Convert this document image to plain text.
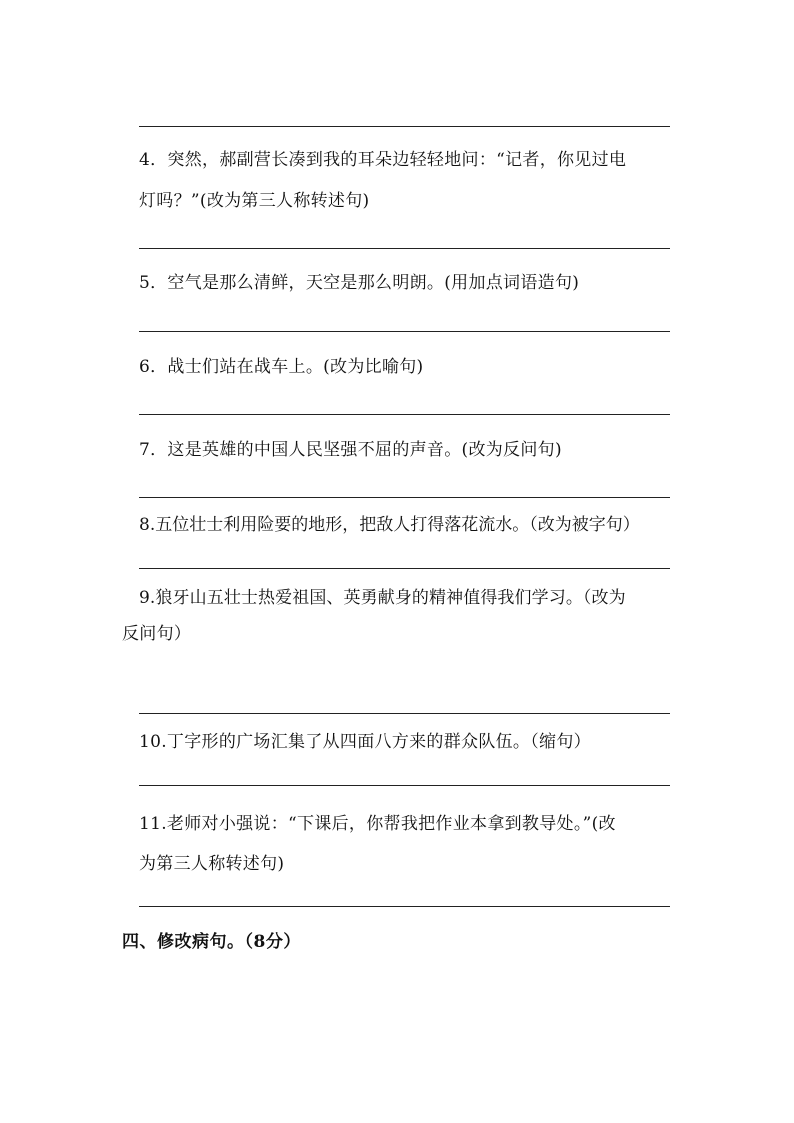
4．突然，郝副营长凑到我的耳朵边轻轻地问：“记者，你见过电
灯吗？”(改为第三人称转述句)
5．空气是那么清鲜，天空是那么明朗。(用加点词语造句)
6．战士们站在战车上。(改为比喻句)
7．这是英雄的中国人民坚强不屈的声音。(改为反问句)
8.五位壮士利用险要的地形，把敌人打得落花流水。（改为被字句）
9.狼牙山五壮士热爱祖国、英勇献身的精神值得我们学习。（改为
反问句）
10.丁字形的广场汇集了从四面八方来的群众队伍。（缩句）
11.老师对小强说：“下课后，你帮我把作业本拿到教导处。”(改
为第三人称转述句)
四、修改病句。（8分）
